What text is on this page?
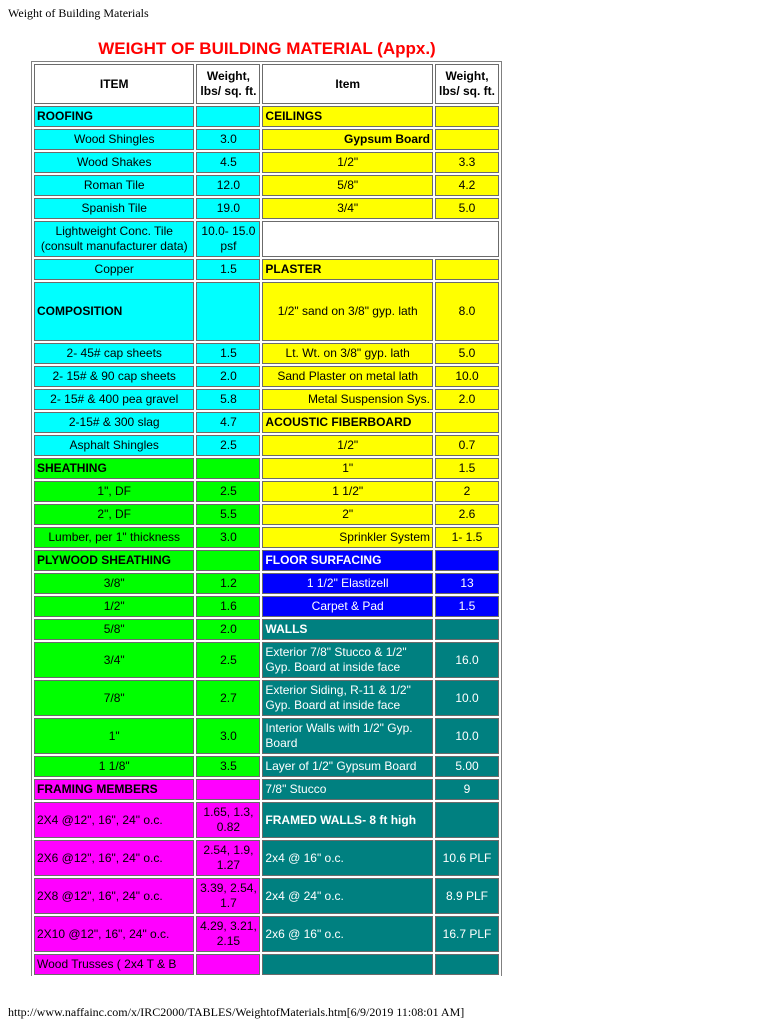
Weight of Building Materials
WEIGHT OF BUILDING MATERIAL (Appx.)
ITEM	Weight, lbs/ sq. ft.	Item	Weight, lbs/ sq. ft.
ROOFING		CEILINGS	
Wood Shingles	3.0	Gypsum Board	
Wood Shakes	4.5	1/2"	3.3
Roman Tile	12.0	5/8"	4.2
Spanish Tile	19.0	3/4"	5.0
Lightweight Conc. Tile (consult manufacturer data)	10.0- 15.0 psf		
Copper	1.5	PLASTER	
COMPOSITION		1/2" sand on 3/8" gyp. lath	8.0
2- 45# cap sheets	1.5	Lt. Wt. on 3/8" gyp. lath	5.0
2- 15# & 90 cap sheets	2.0	Sand Plaster on metal lath	10.0
2- 15# & 400 pea gravel	5.8	Metal Suspension Sys.	2.0
2-15# & 300 slag	4.7	ACOUSTIC FIBERBOARD	
Asphalt Shingles	2.5	1/2"	0.7
SHEATHING		1"	1.5
1", DF	2.5	1 1/2"	2
2", DF	5.5	2"	2.6
Lumber, per 1" thickness	3.0	Sprinkler System	1- 1.5
PLYWOOD SHEATHING		FLOOR SURFACING	
3/8"	1.2	1 1/2" Elastizell	13
1/2"	1.6	Carpet & Pad	1.5
5/8"	2.0	WALLS	
3/4"	2.5	Exterior 7/8" Stucco & 1/2" Gyp. Board at inside face	16.0
7/8"	2.7	Exterior Siding, R-11 & 1/2" Gyp. Board at inside face	10.0
1"	3.0	Interior Walls with 1/2" Gyp. Board	10.0
1 1/8"	3.5	Layer of 1/2" Gypsum Board	5.00
FRAMING MEMBERS		7/8" Stucco	9
2X4 @12", 16", 24" o.c.	1.65, 1.3, 0.82	FRAMED WALLS- 8 ft high	
2X6 @12", 16", 24" o.c.	2.54, 1.9, 1.27	2x4 @ 16" o.c.	10.6 PLF
2X8 @12", 16", 24" o.c.	3.39, 2.54, 1.7	2x4 @ 24" o.c.	8.9 PLF
2X10 @12", 16", 24" o.c.	4.29, 3.21, 2.15	2x6 @ 16" o.c.	16.7 PLF
Wood Trusses ( 2x4 T & B			
http://www.naffainc.com/x/IRC2000/TABLES/WeightofMaterials.htm[6/9/2019 11:08:01 AM]
